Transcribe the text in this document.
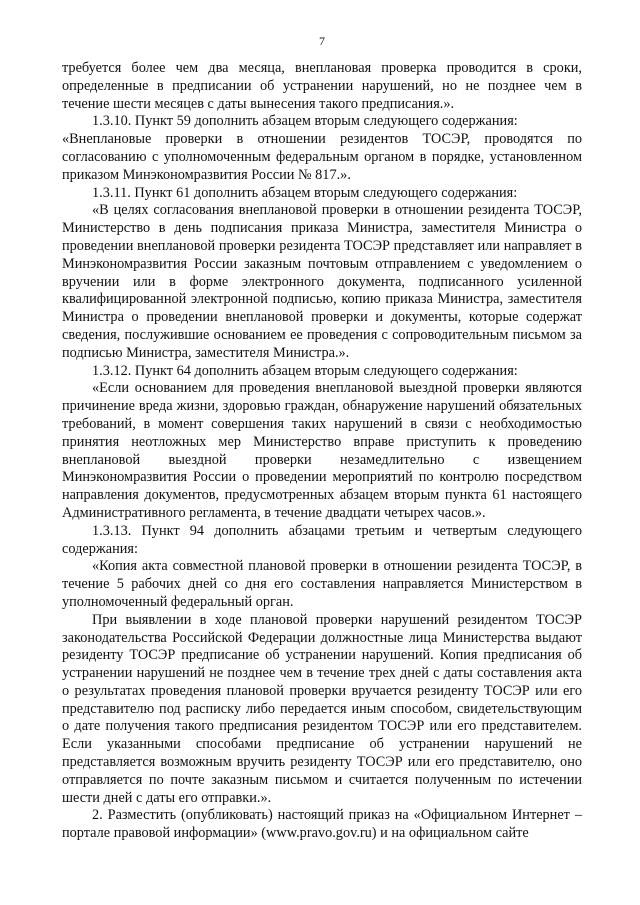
7

требуется более чем два месяца, внеплановая проверка проводится в сроки, определенные в предписании об устранении нарушений, но не позднее чем в течение шести месяцев с даты вынесения такого предписания.».

1.3.10. Пункт 59 дополнить абзацем вторым следующего содержания:

«Внеплановые проверки в отношении резидентов ТОСЭР, проводятся по согласованию с уполномоченным федеральным органом в порядке, установленном приказом Минэкономразвития России № 817.».

1.3.11. Пункт 61 дополнить абзацем вторым следующего содержания:

«В целях согласования внеплановой проверки в отношении резидента ТОСЭР, Министерство в день подписания приказа Министра, заместителя Министра о проведении внеплановой проверки резидента ТОСЭР представляет или направляет в Минэкономразвития России заказным почтовым отправлением с уведомлением о вручении или в форме электронного документа, подписанного усиленной квалифицированной электронной подписью, копию приказа Министра, заместителя Министра о проведении внеплановой проверки и документы, которые содержат сведения, послужившие основанием ее проведения с сопроводительным письмом за подписью Министра, заместителя Министра.».

1.3.12. Пункт 64 дополнить абзацем вторым следующего содержания:

«Если основанием для проведения внеплановой выездной проверки являются причинение вреда жизни, здоровью граждан, обнаружение нарушений обязательных требований, в момент совершения таких нарушений в связи с необходимостью принятия неотложных мер Министерство вправе приступить к проведению внеплановой выездной проверки незамедлительно с извещением Минэкономразвития России о проведении мероприятий по контролю посредством направления документов, предусмотренных абзацем вторым пункта 61 настоящего Административного регламента, в течение двадцати четырех часов.».

1.3.13. Пункт 94 дополнить абзацами третьим и четвертым следующего содержания:

«Копия акта совместной плановой проверки в отношении резидента ТОСЭР, в течение 5 рабочих дней со дня его составления направляется Министерством в уполномоченный федеральный орган.

При выявлении в ходе плановой проверки нарушений резидентом ТОСЭР законодательства Российской Федерации должностные лица Министерства выдают резиденту ТОСЭР предписание об устранении нарушений. Копия предписания об устранении нарушений не позднее чем в течение трех дней с даты составления акта о результатах проведения плановой проверки вручается резиденту ТОСЭР или его представителю под расписку либо передается иным способом, свидетельствующим о дате получения такого предписания резидентом ТОСЭР или его представителем. Если указанными способами предписание об устранении нарушений не представляется возможным вручить резиденту ТОСЭР или его представителю, оно отправляется по почте заказным письмом и считается полученным по истечении шести дней с даты его отправки.».

2. Разместить (опубликовать) настоящий приказ на «Официальном Интернет – портале правовой информации» (www.pravo.gov.ru) и на официальном сайте
